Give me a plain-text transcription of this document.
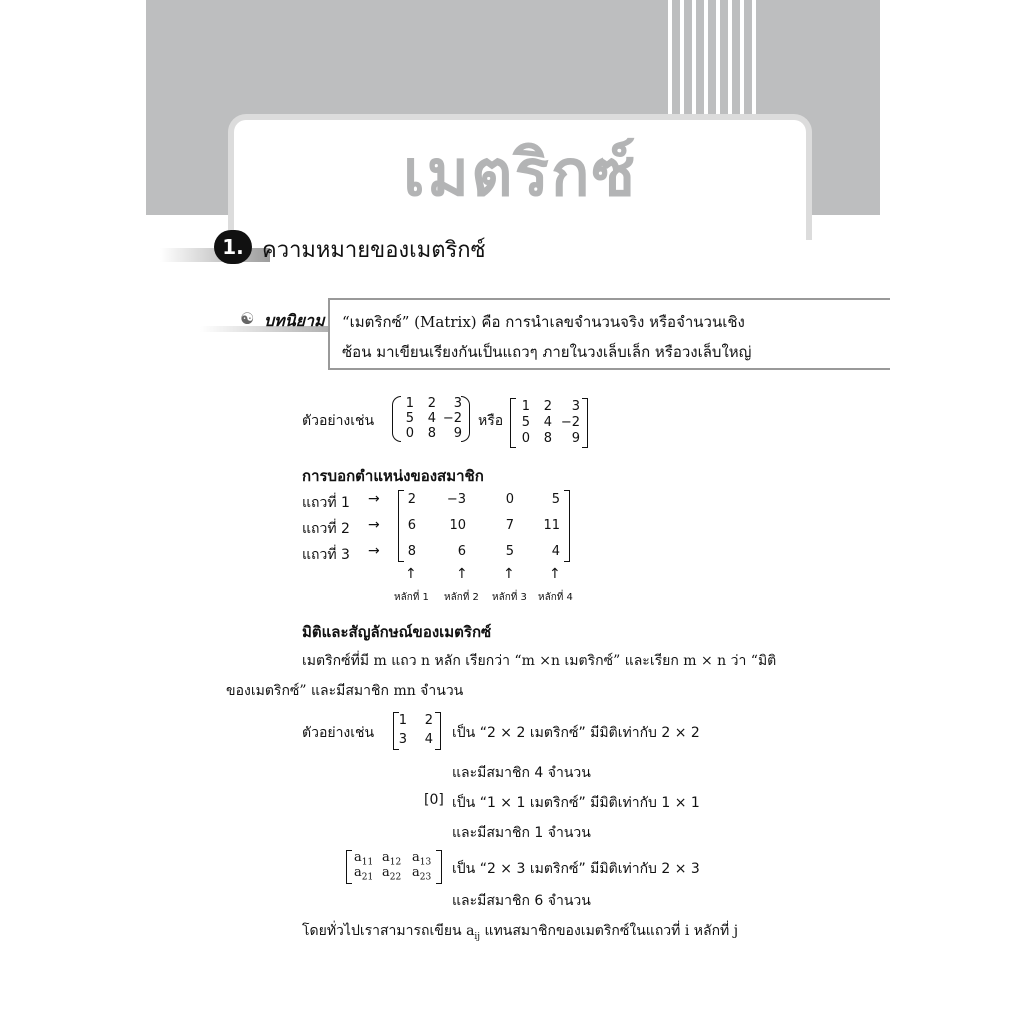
เมตริกซ์
1. ความหมายของเมตริกซ์
☯ บทนิยาม “เมตริกซ์” (Matrix) คือ การนำเลขจำนวนจริง หรือจำนวนเชิง
ซ้อน มาเขียนเรียงกันเป็นแถวๆ ภายในวงเล็บเล็ก หรือวงเล็บใหญ่
ตัวอย่างเช่น
1	2	3
5	4 −2
0	8	9
หรือ
1	2	3
5	4 −2
0	8	9
การบอกตำแหน่งของสมาชิก
แถวที่ 1 →
แถวที่ 2 →
แถวที่ 3 →
2	−3	0	5
6	10	7	11
8	6	5	4
↑	↑	↑ ↑
หลักที่ 1 หลักที่ 2 หลักที่ 3 หลักที่ 4
มิติและสัญลักษณ์ของเมตริกซ์
เมตริกซ์ที่มี m แถว n หลัก เรียกว่า “m ×n เมตริกซ์” และเรียก m × n ว่า “มิติ
ของเมตริกซ์” และมีสมาชิก mn จำนวน
ตัวอย่างเช่น
1	2
3	4 เป็น “2 × 2 เมตริกซ์” มีมิติเท่ากับ 2 × 2
และมีสมาชิก 4 จำนวน
[0] เป็น “1 × 1 เมตริกซ์” มีมิติเท่ากับ 1 × 1
และมีสมาชิก 1 จำนวน
$a_{11}$ $a_{12}$ $a_{13}$
$a_{21}$ $a_{22}$ $a_{23}$
เป็น “2 × 3 เมตริกซ์” มีมิติเท่ากับ 2 × 3
และมีสมาชิก 6 จำนวน
โดยทั่วไปเราสามารถเขียน $a_{ij}$ แทนสมาชิกของเมตริกซ์ในแถวที่ i หลักที่ j
